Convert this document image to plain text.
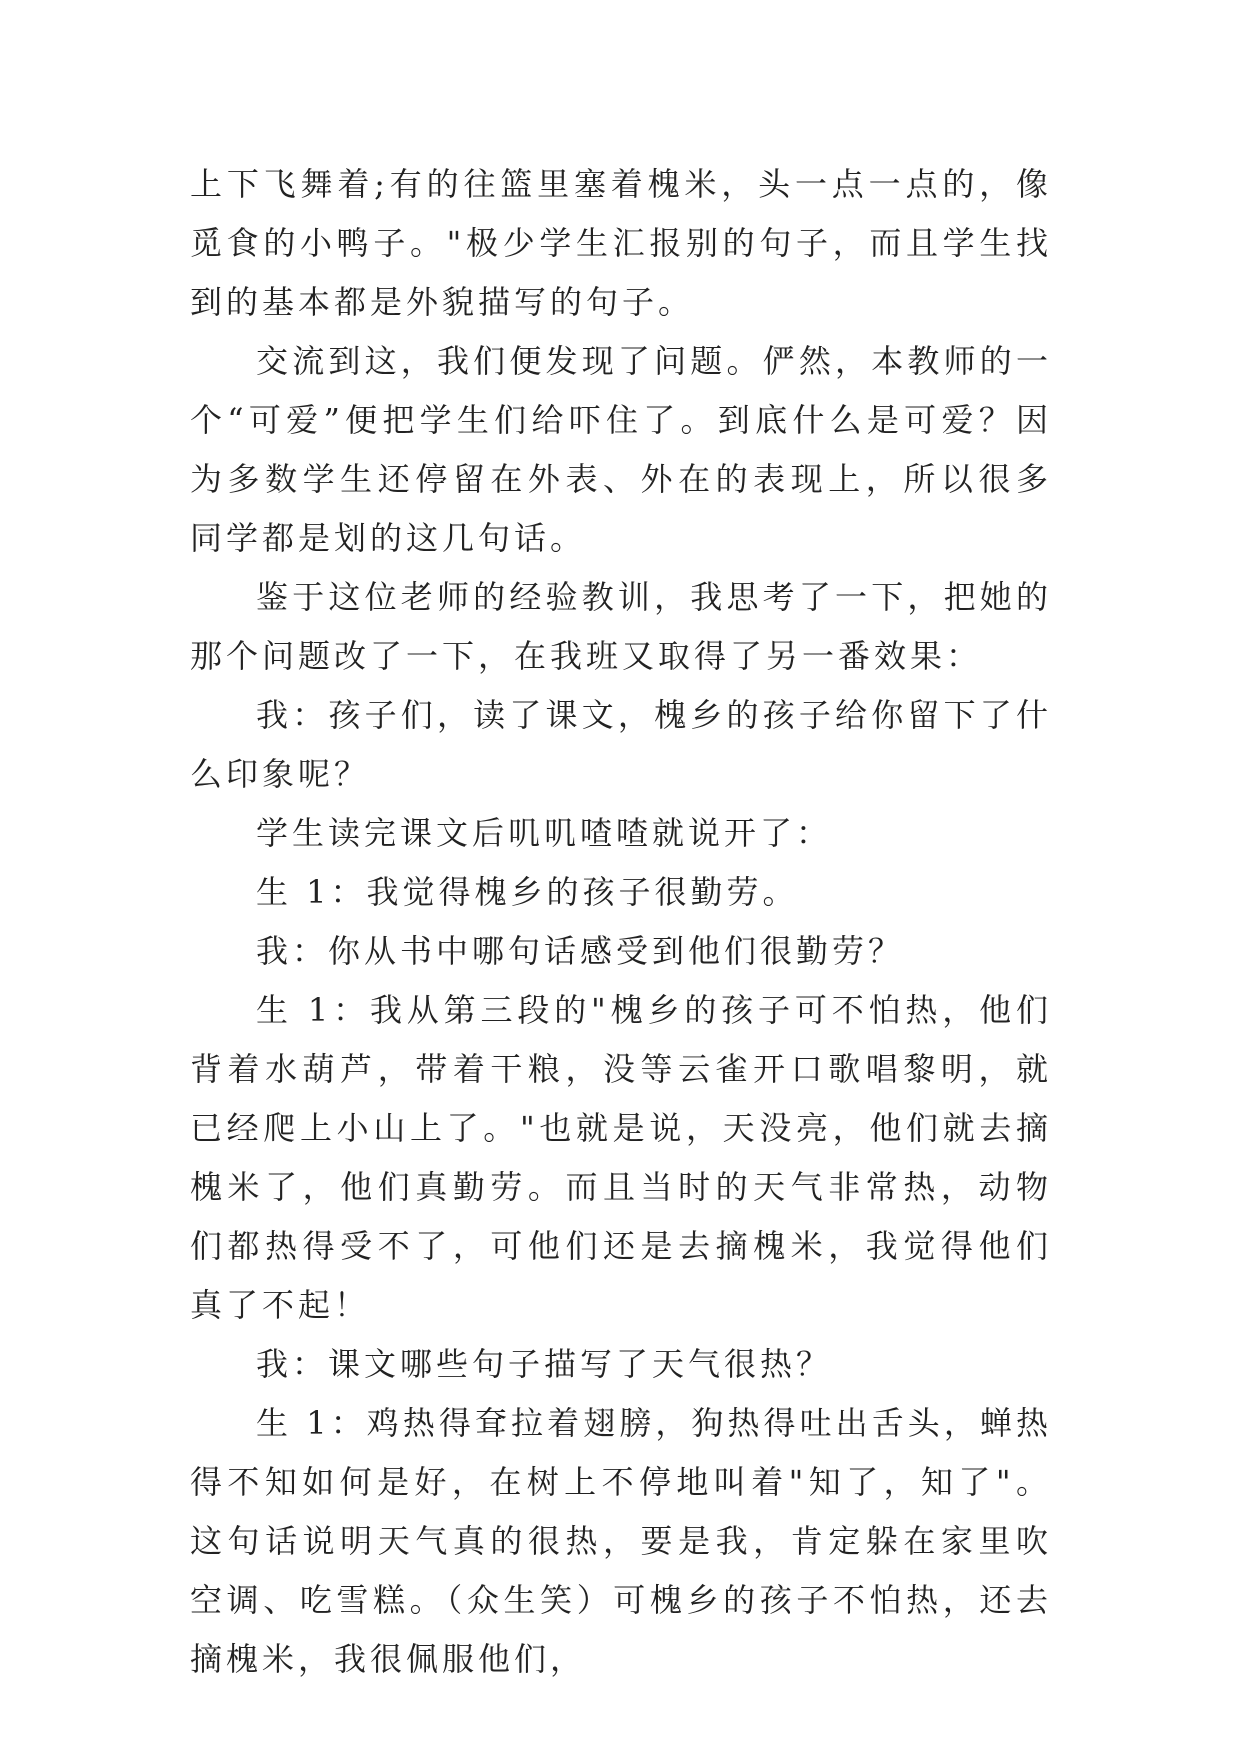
上下飞舞着;有的往篮里塞着槐米，头一点一点的，像觅食的小鸭子。"极少学生汇报别的句子，而且学生找到的基本都是外貌描写的句子。

交流到这，我们便发现了问题。俨然，本教师的一个“可爱”便把学生们给吓住了。到底什么是可爱？因为多数学生还停留在外表、外在的表现上，所以很多同学都是划的这几句话。

鉴于这位老师的经验教训，我思考了一下，把她的那个问题改了一下，在我班又取得了另一番效果：

我：孩子们，读了课文，槐乡的孩子给你留下了什么印象呢？

学生读完课文后叽叽喳喳就说开了：

生 1：我觉得槐乡的孩子很勤劳。

我：你从书中哪句话感受到他们很勤劳？

生 1：我从第三段的"槐乡的孩子可不怕热，他们背着水葫芦，带着干粮，没等云雀开口歌唱黎明，就已经爬上小山上了。"也就是说，天没亮，他们就去摘槐米了，他们真勤劳。而且当时的天气非常热，动物们都热得受不了，可他们还是去摘槐米，我觉得他们真了不起！

我：课文哪些句子描写了天气很热？

生 1：鸡热得耷拉着翅膀，狗热得吐出舌头，蝉热得不知如何是好，在树上不停地叫着"知了，知了"。这句话说明天气真的很热，要是我，肯定躲在家里吹空调、吃雪糕。（众生笑）可槐乡的孩子不怕热，还去摘槐米，我很佩服他们，
